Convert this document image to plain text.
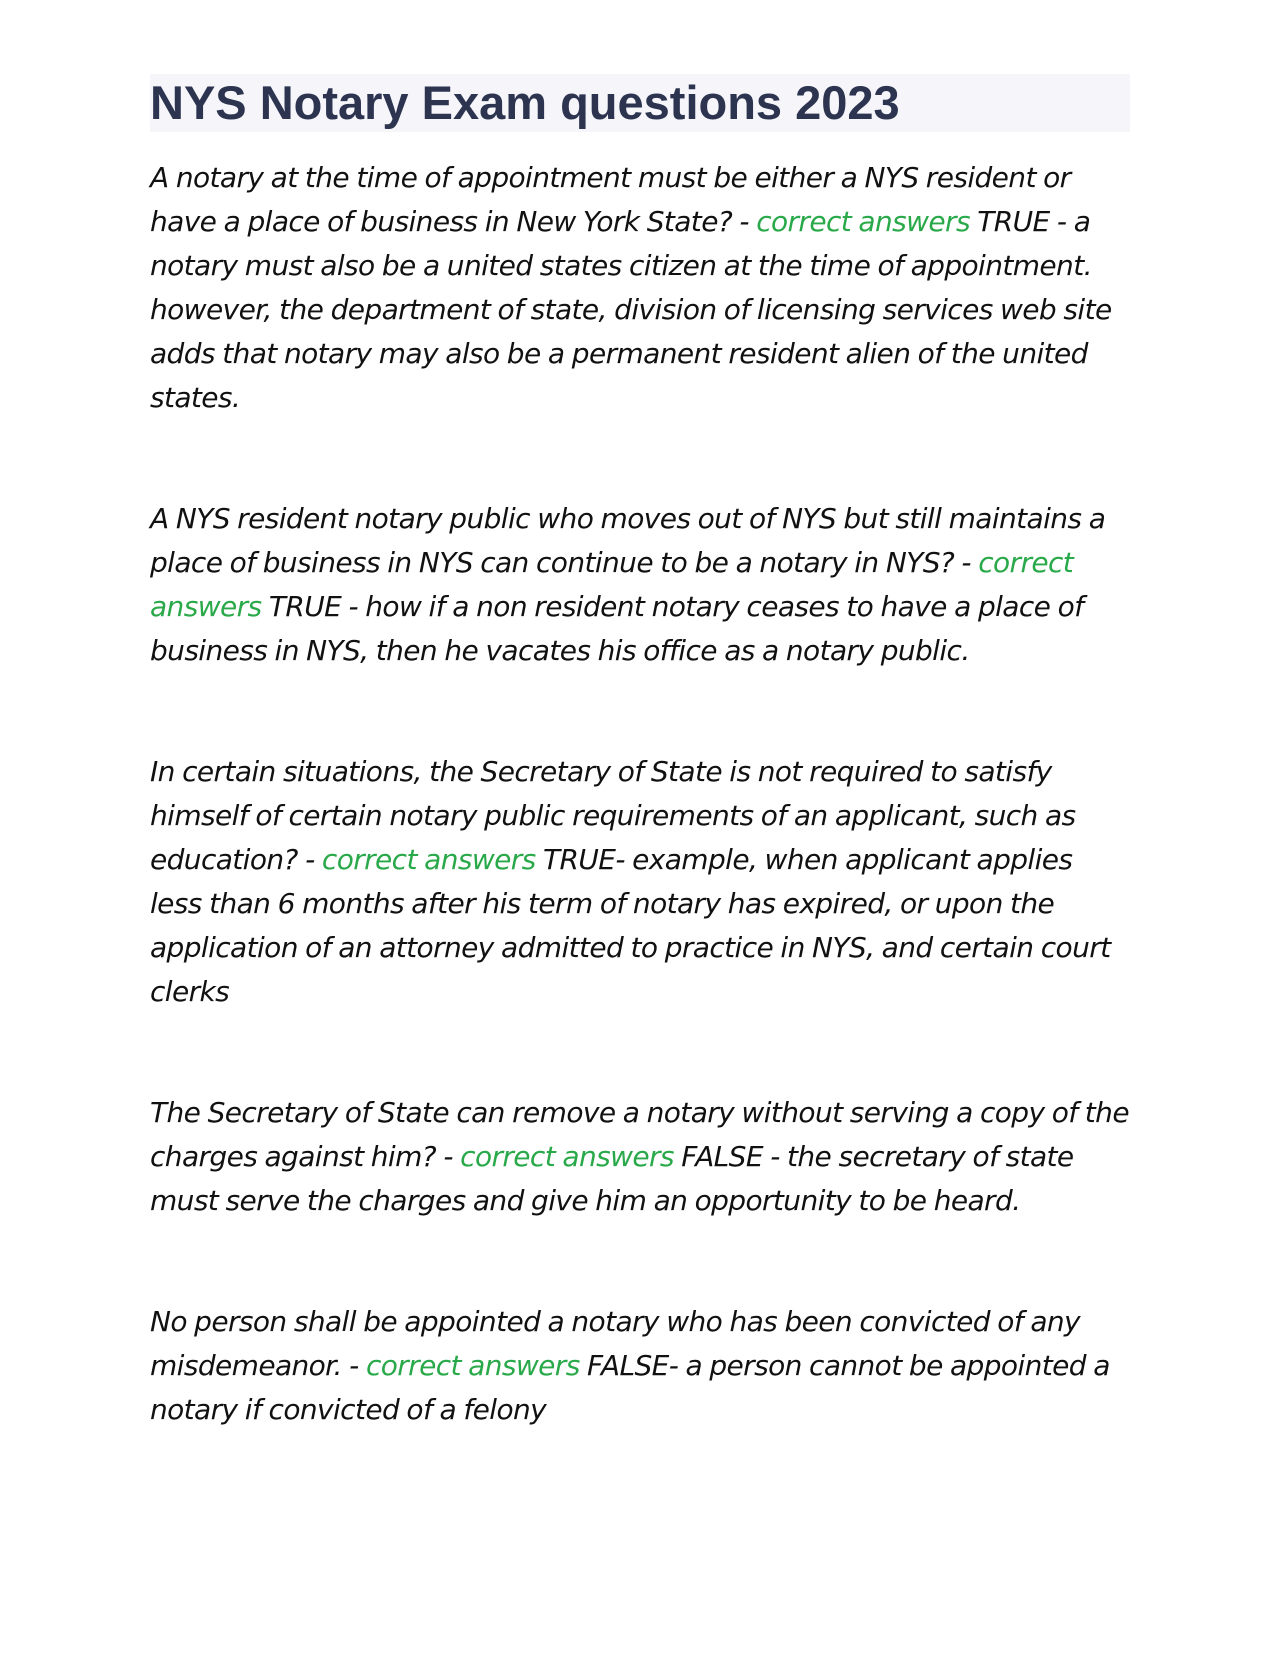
NYS Notary Exam questions 2023

A notary at the time of appointment must be either a NYS resident or have a place of business in New York State? - correct answers TRUE - a notary must also be a united states citizen at the time of appointment. however, the department of state, division of licensing services web site adds that notary may also be a permanent resident alien of the united states.

A NYS resident notary public who moves out of NYS but still maintains a place of business in NYS can continue to be a notary in NYS? - correct answers TRUE - how if a non resident notary ceases to have a place of business in NYS, then he vacates his office as a notary public.

In certain situations, the Secretary of State is not required to satisfy himself of certain notary public requirements of an applicant, such as education? - correct answers TRUE- example, when applicant applies less than 6 months after his term of notary has expired, or upon the application of an attorney admitted to practice in NYS, and certain court clerks

The Secretary of State can remove a notary without serving a copy of the charges against him? - correct answers FALSE - the secretary of state must serve the charges and give him an opportunity to be heard.

No person shall be appointed a notary who has been convicted of any misdemeanor. - correct answers FALSE- a person cannot be appointed a notary if convicted of a felony
